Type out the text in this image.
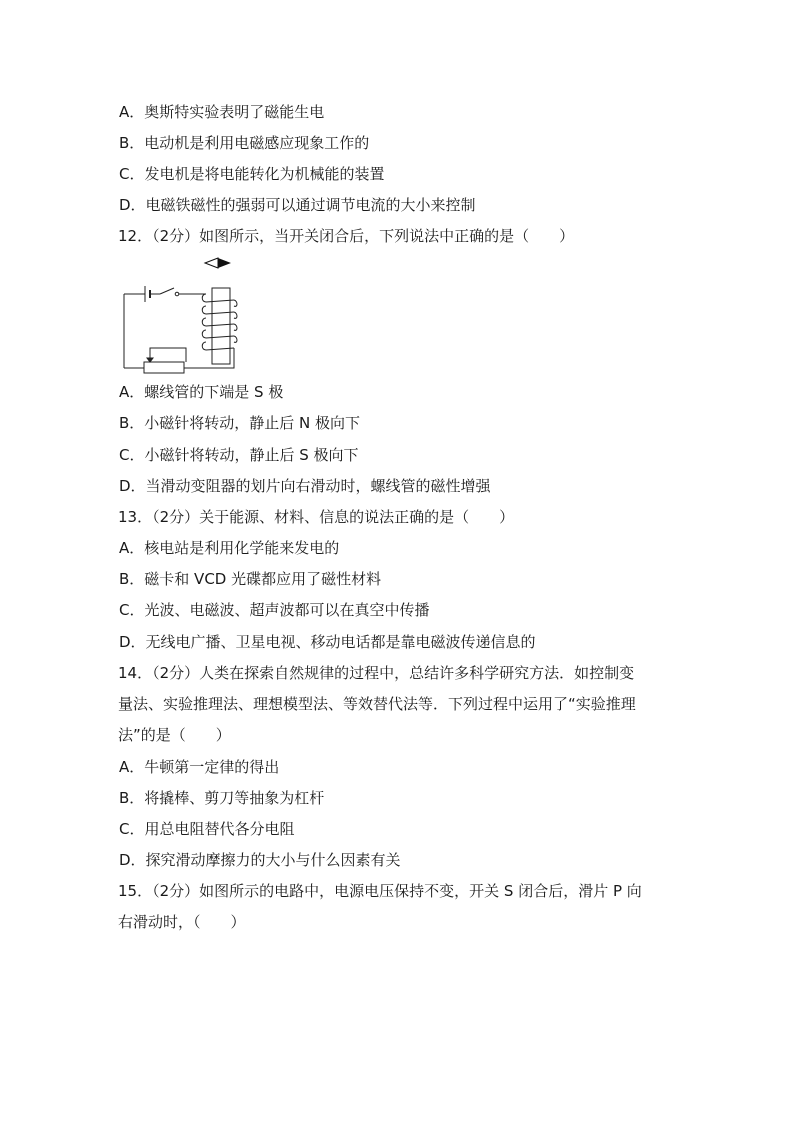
A．奥斯特实验表明了磁能生电
B．电动机是利用电磁感应现象工作的
C．发电机是将电能转化为机械能的装置
D．电磁铁磁性的强弱可以通过调节电流的大小来控制
12．（2分）如图所示，当开关闭合后，下列说法中正确的是（　　）
A．螺线管的下端是 S 极
B．小磁针将转动，静止后 N 极向下
C．小磁针将转动，静止后 S 极向下
D．当滑动变阻器的划片向右滑动时，螺线管的磁性增强
13．（2分）关于能源、材料、信息的说法正确的是（　　）
A．核电站是利用化学能来发电的
B．磁卡和 VCD 光碟都应用了磁性材料
C．光波、电磁波、超声波都可以在真空中传播
D．无线电广播、卫星电视、移动电话都是靠电磁波传递信息的
14．（2分）人类在探索自然规律的过程中，总结许多科学研究方法．如控制变
量法、实验推理法、理想模型法、等效替代法等．下列过程中运用了“实验推理
法”的是（　　）
A．牛顿第一定律的得出
B．将撬棒、剪刀等抽象为杠杆
C．用总电阻替代各分电阻
D．探究滑动摩擦力的大小与什么因素有关
15．（2分）如图所示的电路中，电源电压保持不变，开关 S 闭合后，滑片 P 向
右滑动时，（　　）
